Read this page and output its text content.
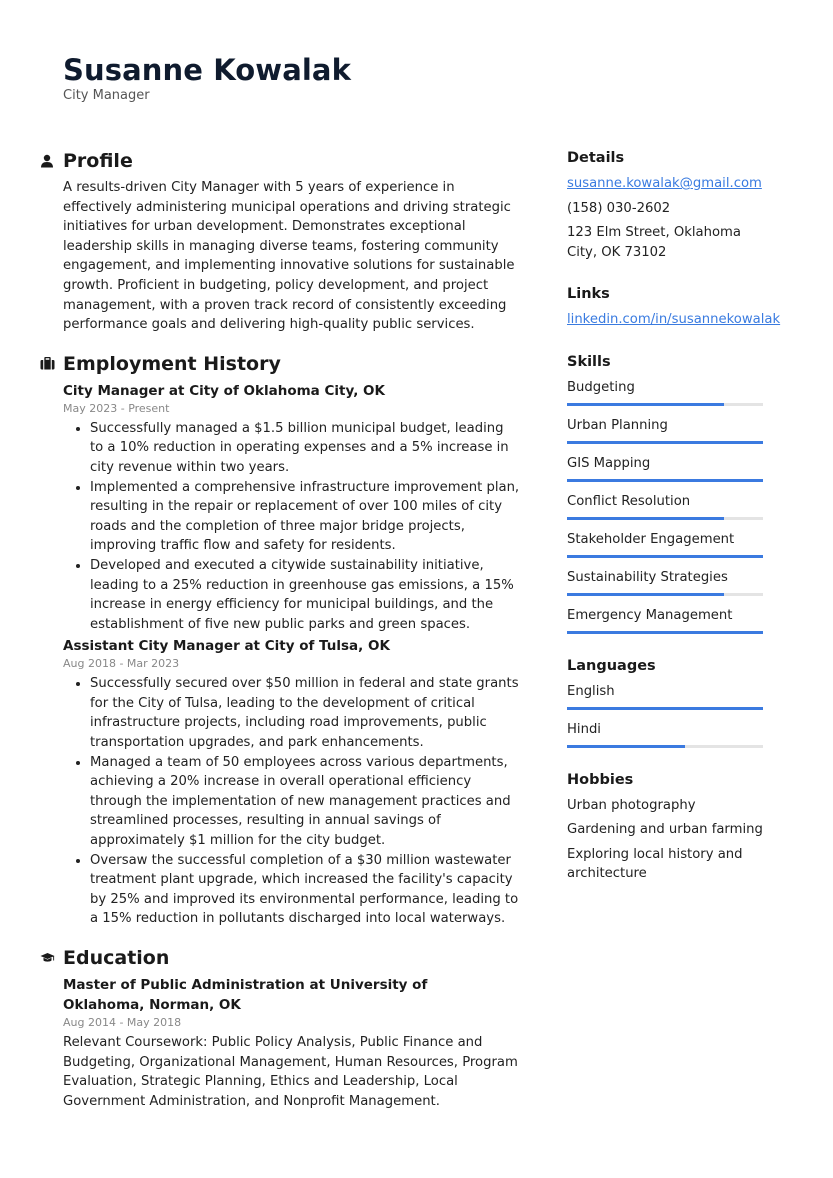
Susanne Kowalak
City Manager
Profile
A results-driven City Manager with 5 years of experience in effectively administering municipal operations and driving strategic initiatives for urban development. Demonstrates exceptional leadership skills in managing diverse teams, fostering community engagement, and implementing innovative solutions for sustainable growth. Proficient in budgeting, policy development, and project management, with a proven track record of consistently exceeding performance goals and delivering high-quality public services.
Employment History
City Manager at City of Oklahoma City, OK
May 2023 - Present
• Successfully managed a $1.5 billion municipal budget, leading to a 10% reduction in operating expenses and a 5% increase in city revenue within two years.
• Implemented a comprehensive infrastructure improvement plan, resulting in the repair or replacement of over 100 miles of city roads and the completion of three major bridge projects, improving traffic flow and safety for residents.
• Developed and executed a citywide sustainability initiative, leading to a 25% reduction in greenhouse gas emissions, a 15% increase in energy efficiency for municipal buildings, and the establishment of five new public parks and green spaces.
Assistant City Manager at City of Tulsa, OK
Aug 2018 - Mar 2023
• Successfully secured over $50 million in federal and state grants for the City of Tulsa, leading to the development of critical infrastructure projects, including road improvements, public transportation upgrades, and park enhancements.
• Managed a team of 50 employees across various departments, achieving a 20% increase in overall operational efficiency through the implementation of new management practices and streamlined processes, resulting in annual savings of approximately $1 million for the city budget.
• Oversaw the successful completion of a $30 million wastewater treatment plant upgrade, which increased the facility's capacity by 25% and improved its environmental performance, leading to a 15% reduction in pollutants discharged into local waterways.
Education
Master of Public Administration at University of Oklahoma, Norman, OK
Aug 2014 - May 2018
Relevant Coursework: Public Policy Analysis, Public Finance and Budgeting, Organizational Management, Human Resources, Program Evaluation, Strategic Planning, Ethics and Leadership, Local Government Administration, and Nonprofit Management.
Details
susanne.kowalak@gmail.com
(158) 030-2602
123 Elm Street, Oklahoma City, OK 73102
Links
linkedin.com/in/susannekowalak
Skills
Budgeting
Urban Planning
GIS Mapping
Conflict Resolution
Stakeholder Engagement
Sustainability Strategies
Emergency Management
Languages
English
Hindi
Hobbies
Urban photography
Gardening and urban farming
Exploring local history and architecture
